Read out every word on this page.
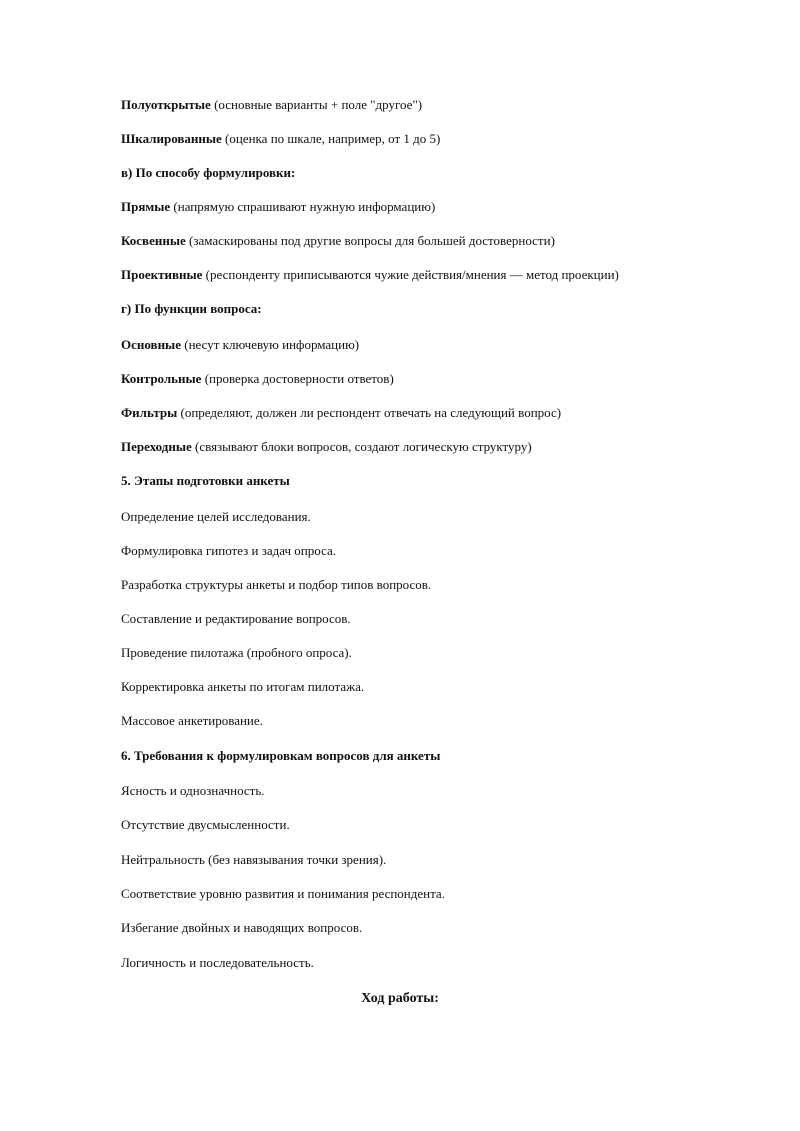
Полуоткрытые (основные варианты + поле "другое")

Шкалированные (оценка по шкале, например, от 1 до 5)

в) По способу формулировки:

Прямые (напрямую спрашивают нужную информацию)

Косвенные (замаскированы под другие вопросы для большей достоверности)

Проективные (респонденту приписываются чужие действия/мнения — метод проекции)

г) По функции вопроса:

Основные (несут ключевую информацию)

Контрольные (проверка достоверности ответов)

Фильтры (определяют, должен ли респондент отвечать на следующий вопрос)

Переходные (связывают блоки вопросов, создают логическую структуру)

5. Этапы подготовки анкеты

Определение целей исследования.

Формулировка гипотез и задач опроса.

Разработка структуры анкеты и подбор типов вопросов.

Составление и редактирование вопросов.

Проведение пилотажа (пробного опроса).

Корректировка анкеты по итогам пилотажа.

Массовое анкетирование.

6. Требования к формулировкам вопросов для анкеты

Ясность и однозначность.

Отсутствие двусмысленности.

Нейтральность (без навязывания точки зрения).

Соответствие уровню развития и понимания респондента.

Избегание двойных и наводящих вопросов.

Логичность и последовательность.

Ход работы:
